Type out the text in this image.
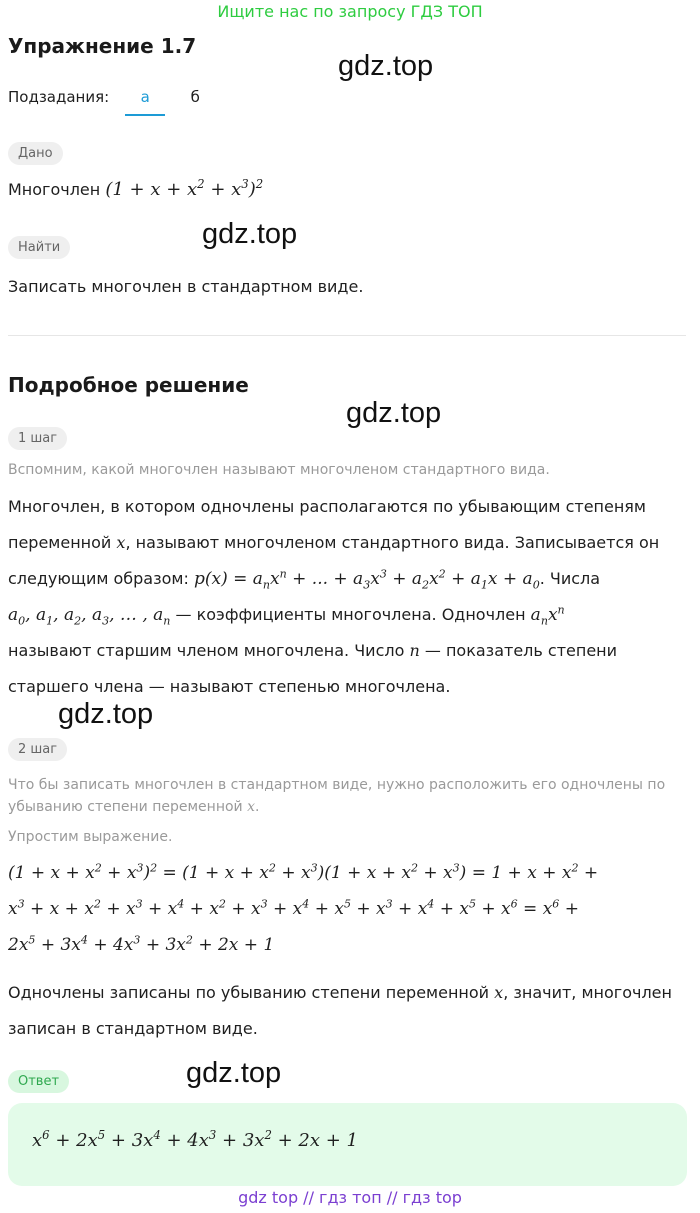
Ищите нас по запросу ГДЗ ТОП
Упражнение 1.7
gdz.top
gdz.top
gdz.top
gdz.top
gdz.top
Подзадания:	а	б
Дано
Многочлен $(1 + x + x^2 + x^3)^2$
Найти
Записать многочлен в стандартном виде.
Подробное решение
1 шаг
Вспомним, какой многочлен называют многочленом стандартного вида.
Многочлен, в котором одночлены располагаются по убывающим степеням
переменной x, называют многочленом стандартного вида. Записывается он
следующим образом: $p(x) = a_nx^n$ + ... + $a_3x^3 + a_2x^2 + a_1x + a_0$. Числа
$a_0$, $a_1$, $a_2$, $a_3$, … , $a_n$ — коэффициенты многочлена. Одночлен $a_nx^n$
называют старшим членом многочлена. Число n — показатель степени
старшего члена — называют степенью многочлена.
2 шаг
Что бы записать многочлен в стандартном виде, нужно расположить его одночлены по
убыванию степени переменной x.
Упростим выражение.
$(1 + x + x^2 + x^3)^2 = (1 + x + x^2 + x^3)(1 + x + x^2 + x^3) = 1 + x + x^2$ +
$x^3 + x + x^2 + x^3 + x^4 + x^2 + x^3 + x^4 + x^5 + x^3 + x^4 + x^5 + x^6 = x^6$ +
$2x^5 + 3x^4 + 4x^3 + 3x^2 + 2x + 1$
Одночлены записаны по убыванию степени переменной x, значит, многочлен
записан в стандартном виде.
Ответ
$x^6 + 2x^5 + 3x^4 + 4x^3 + 3x^2 + 2x + 1$
gdz top // гдз топ // гдз top
